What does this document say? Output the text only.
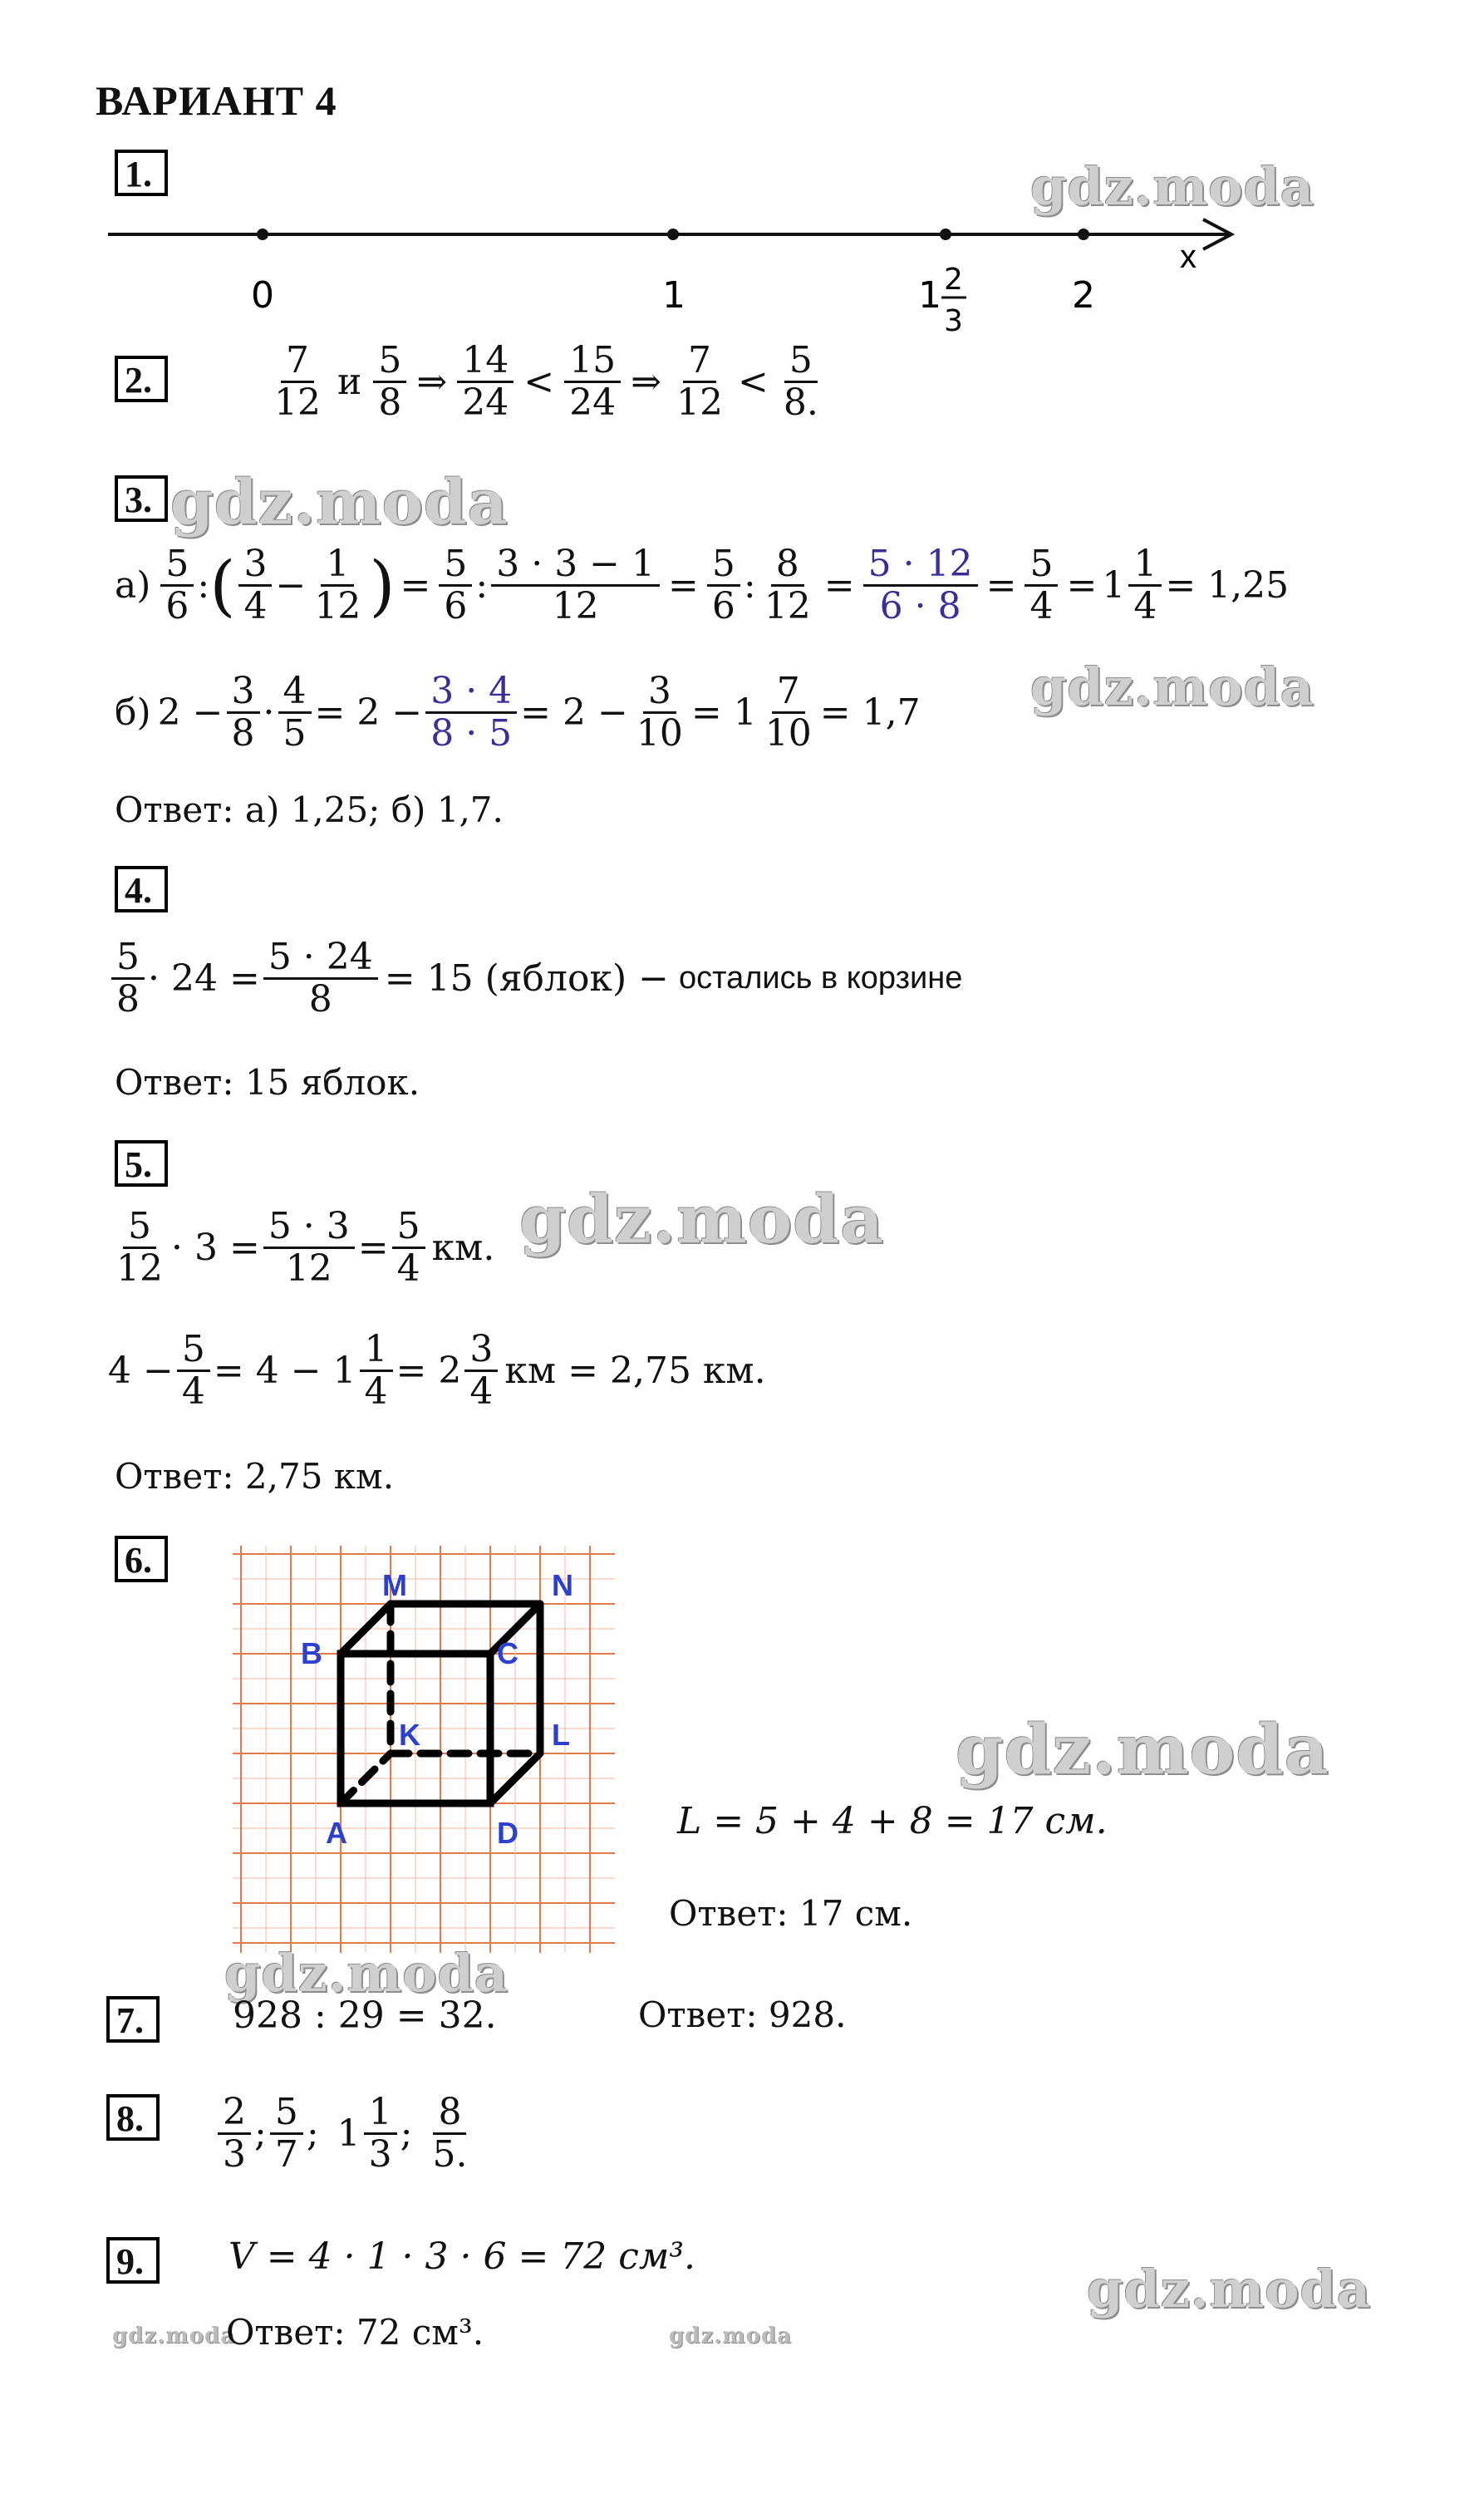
ВАРИАНТ 4
1.	gdz.moda
x
0	1	1 2
3
2
2.	$\frac{7}{12}$ и $\frac{5}{8}$ ⇒ $\frac{14}{24} < \frac{15}{24}$ ⇒ $\frac{7}{12} < \frac{5}{8.}$
3. gdz.moda
$а) \frac{5}{6}$ : ( $\frac{3}{4} - \frac{1}{12}$ ) = $\frac{5}{6}$ : $\frac{3 \cdot 3 - 1}{12} = \frac{5}{6}$ : $\frac{8}{12} = \frac{5 \cdot 12}{6 \cdot 8} = \frac{5}{4} = 1 \frac{1}{4} = 1,25$
gdz.moda
б) $2 - \frac{3}{8} \cdot \frac{4}{5} = 2 - \frac{3 \cdot 4}{8 \cdot 5} = 2 - \frac{3}{10} = 1 \frac{7}{10} = 1,7$
Ответ: а) 1,25; б) 1,7.
4.
$\frac{5}{8} \cdot 24 = \frac{5 \cdot 24}{8} = 15$ (яблок) − остались в корзине
Ответ: 15 яблок.
5.
gdz.moda
$\frac{5}{12} \cdot 3 = \frac{5 \cdot 3}{12} = \frac{5}{4}$ км.
$4 - \frac{5}{4} = 4 - 1 \frac{1}{4} = 2 \frac{3}{4}$ км = 2,75 км.
Ответ: 2,75 км.
6.
M	N
B	C
K	L
A	D
gdz.moda
L = 5 + 4 + 8 = 17 см.
Ответ: 17 см.
gdz.moda
7.	928 : 29 = 32.	Ответ: 928.
8.	$\frac{2}{3}$ ; $\frac{5}{7}$ ; $1 \frac{1}{3}$ ; $\frac{8}{5.}$
9.	V = 4 · 1 · 3 · 6 = 72 см³.
gdz.moda
gdz.moda
Ответ: 72 см³.	gdz.moda
